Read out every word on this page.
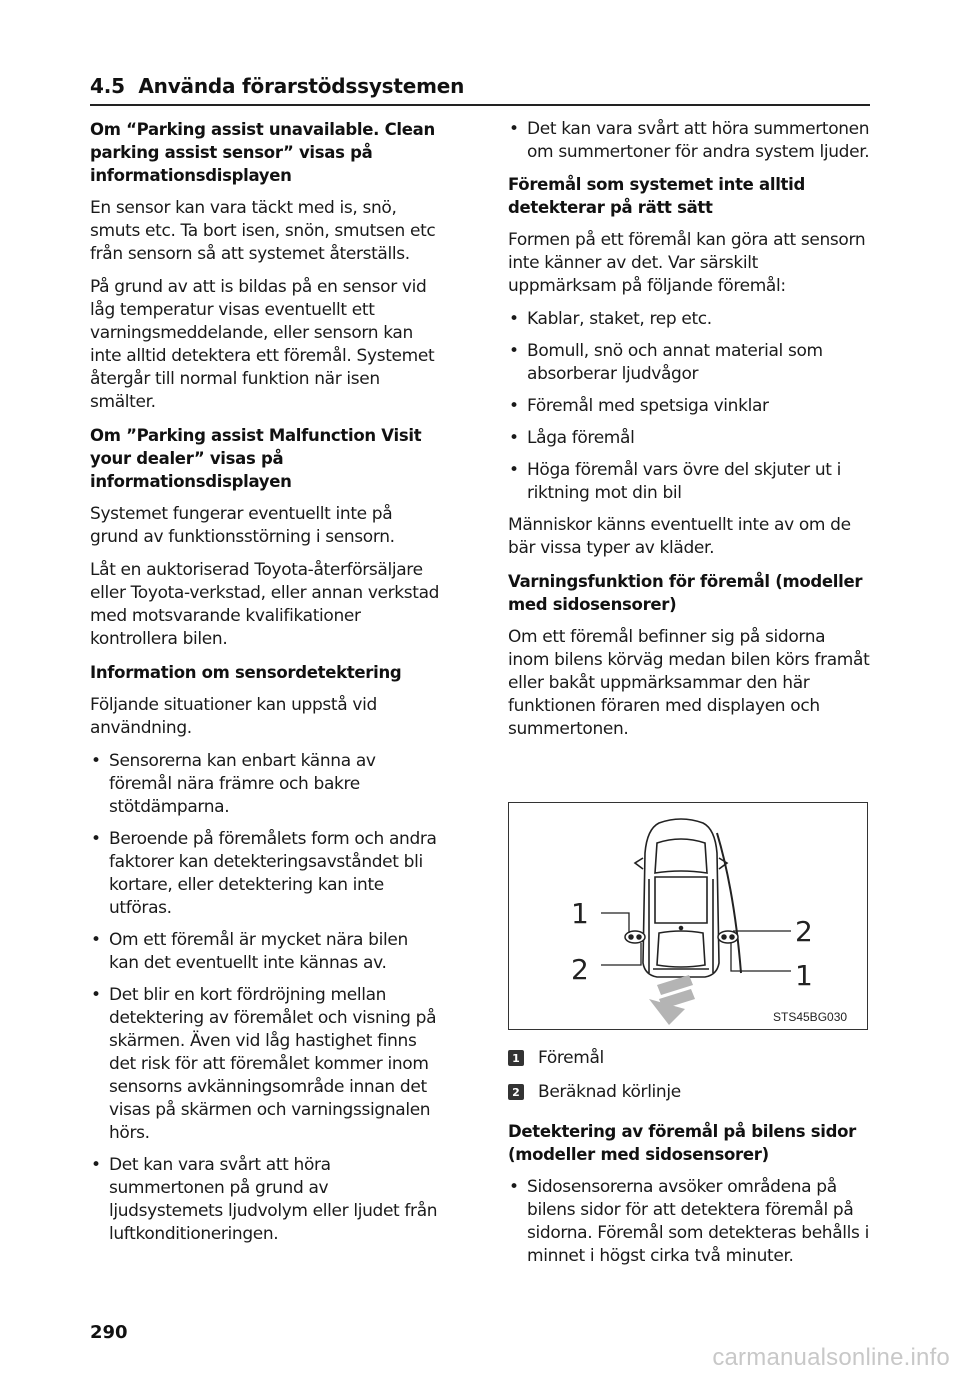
4.5 Använda förarstödssystemen
Om “Parking assist unavailable. Clean parking assist sensor” visas på informationsdisplayen
En sensor kan vara täckt med is, snö, smuts etc. Ta bort isen, snön, smutsen etc från sensorn så att systemet återställs.
På grund av att is bildas på en sensor vid låg temperatur visas eventuellt ett varningsmeddelande, eller sensorn kan inte alltid detektera ett föremål. Systemet återgår till normal funktion när isen smälter.
Om ”Parking assist Malfunction Visit your dealer” visas på informationsdisplayen
Systemet fungerar eventuellt inte på grund av funktionsstörning i sensorn.
Låt en auktoriserad Toyota-återförsäljare eller Toyota-verkstad, eller annan verkstad med motsvarande kvalifikationer kontrollera bilen.
Information om sensordetektering
Följande situationer kan uppstå vid användning.
• Sensorerna kan enbart känna av föremål nära främre och bakre stötdämparna.
• Beroende på föremålets form och andra faktorer kan detekteringsavståndet bli kortare, eller detektering kan inte utföras.
• Om ett föremål är mycket nära bilen kan det eventuellt inte kännas av.
• Det blir en kort fördröjning mellan detektering av föremålet och visning på skärmen. Även vid låg hastighet finns det risk för att föremålet kommer inom sensorns avkänningsområde innan det visas på skärmen och varningssignalen hörs.
• Det kan vara svårt att höra summertonen på grund av ljudsystemets ljudvolym eller ljudet från luftkonditioneringen.
• Det kan vara svårt att höra summertonen om summertoner för andra system ljuder.
Föremål som systemet inte alltid detekterar på rätt sätt
Formen på ett föremål kan göra att sensorn inte känner av det. Var särskilt uppmärksam på följande föremål:
• Kablar, staket, rep etc.
• Bomull, snö och annat material som absorberar ljudvågor
• Föremål med spetsiga vinklar
• Låga föremål
• Höga föremål vars övre del skjuter ut i riktning mot din bil
Människor känns eventuellt inte av om de bär vissa typer av kläder.
Varningsfunktion för föremål (modeller med sidosensorer)
Om ett föremål befinner sig på sidorna inom bilens körväg medan bilen körs framåt eller bakåt uppmärksammar den här funktionen föraren med displayen och summertonen.
1
2
2
1
STS45BG030
1 Föremål
2 Beräknad körlinje
Detektering av föremål på bilens sidor (modeller med sidosensorer)
• Sidosensorerna avsöker områdena på bilens sidor för att detektera föremål på sidorna. Föremål som detekteras behålls i minnet i högst cirka två minuter.
290
carmanualsonline.info
